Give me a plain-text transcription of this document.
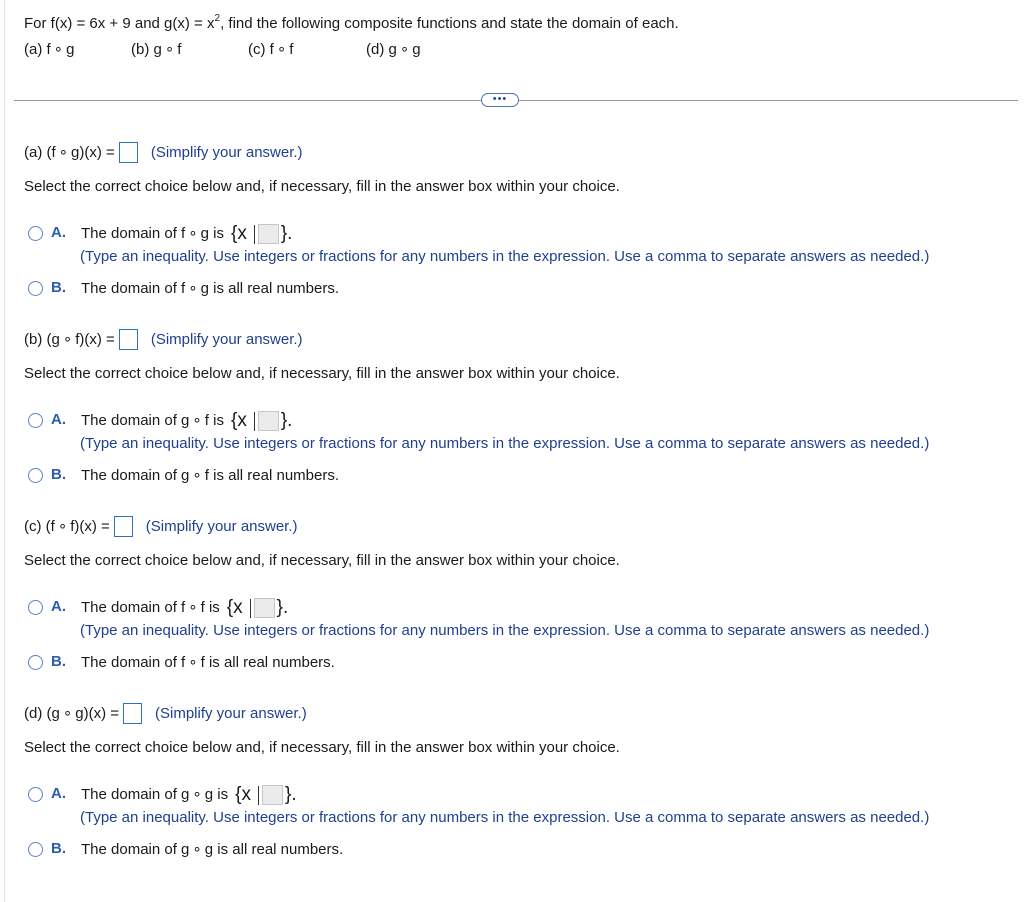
For f(x) = 6x + 9 and $g(x) = x^2$, find the following composite functions and state the domain of each.
(a) f ∘ g	(b) g ∘ f	(c) f ∘ f	(d) g ∘ g
•••
(a) (f ∘ g)(x) = (Simplify your answer.)
Select the correct choice below and, if necessary, fill in the answer box within your choice.
A.	The domain of f ∘ g is {x }.
(Type an inequality. Use integers or fractions for any numbers in the expression. Use a comma to separate answers as needed.)
B.	The domain of f ∘ g is all real numbers.
(b) (g ∘ f)(x) = (Simplify your answer.)
Select the correct choice below and, if necessary, fill in the answer box within your choice.
A.	The domain of g ∘ f is {x }.
(Type an inequality. Use integers or fractions for any numbers in the expression. Use a comma to separate answers as needed.)
B.	The domain of g ∘ f is all real numbers.
(c) (f ∘ f)(x) = (Simplify your answer.)
Select the correct choice below and, if necessary, fill in the answer box within your choice.
A.	The domain of f ∘ f is {x }.
(Type an inequality. Use integers or fractions for any numbers in the expression. Use a comma to separate answers as needed.)
B.	The domain of f ∘ f is all real numbers.
(d) (g ∘ g)(x) = (Simplify your answer.)
Select the correct choice below and, if necessary, fill in the answer box within your choice.
A.	The domain of g ∘ g is {x }.
(Type an inequality. Use integers or fractions for any numbers in the expression. Use a comma to separate answers as needed.)
B.	The domain of g ∘ g is all real numbers.
